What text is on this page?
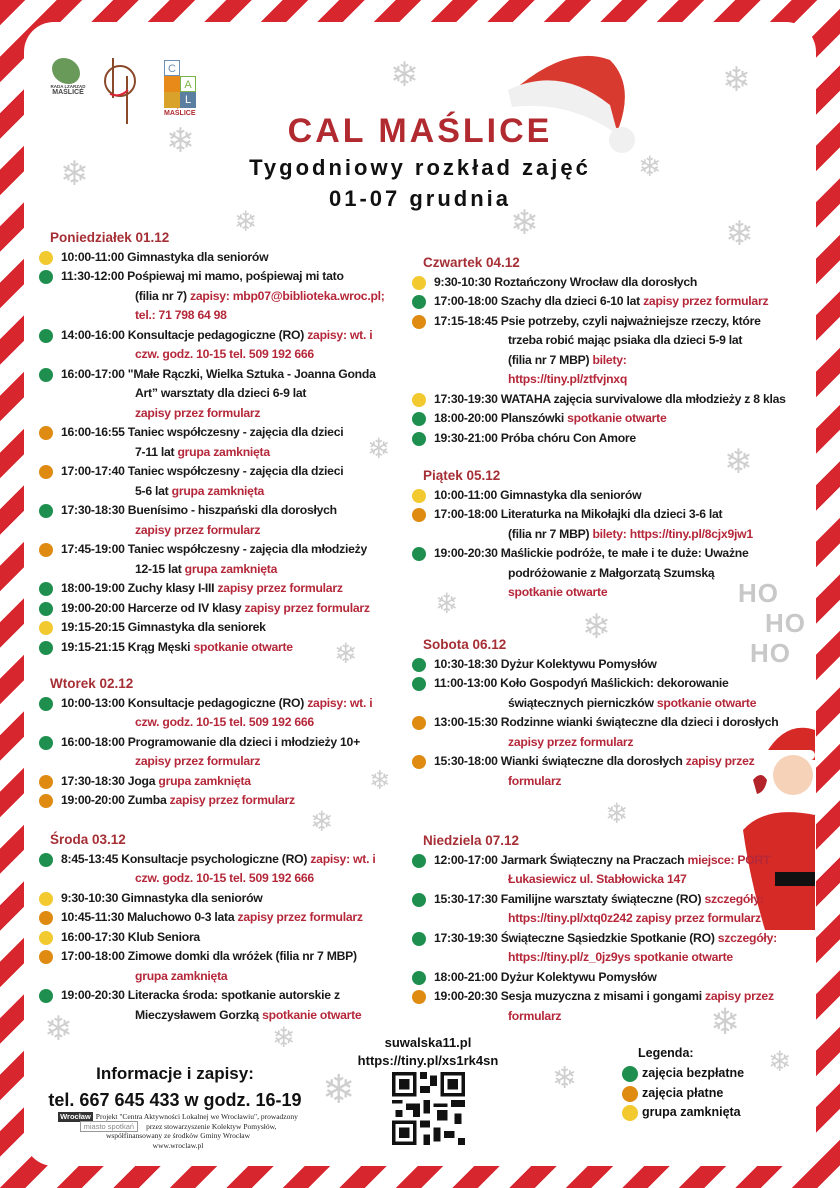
❄
❄
❄
❄
❄
❄	❄
❄
❄	❄
❄
❄
❄
❄
❄
❄
❄	❄
❄	❄
❄
❄
RADA I ZARZĄD
MAŚLICE
C
A
L
MAŚLICE	CAL MAŚLICE
Tygodniowy rozkład zajęć
01-07 grudnia
Poniedziałek 01.12
10:00-11:00 Gimnastyka dla seniorów
11:30-12:00 Pośpiewaj mi mamo, pośpiewaj mi tato
(filia nr 7) zapisy: mbp07@biblioteka.wroc.pl;
tel.: 71 798 64 98
14:00-16:00 Konsultacje pedagogiczne (RO) zapisy: wt. i
czw. godz. 10-15 tel. 509 192 666
16:00-17:00 "Małe Rączki, Wielka Sztuka - Joanna Gonda
Art” warsztaty dla dzieci 6-9 lat
zapisy przez formularz
16:00-16:55 Taniec współczesny - zajęcia dla dzieci
7-11 lat grupa zamknięta
17:00-17:40 Taniec współczesny - zajęcia dla dzieci
5-6 lat grupa zamknięta
17:30-18:30 Buenísimo - hiszpański dla dorosłych
zapisy przez formularz
17:45-19:00 Taniec współczesny - zajęcia dla młodzieży
12-15 lat grupa zamknięta
18:00-19:00 Zuchy klasy I-III zapisy przez formularz
19:00-20:00 Harcerze od IV klasy zapisy przez formularz
19:15-20:15 Gimnastyka dla seniorek
19:15-21:15 Krąg Męski spotkanie otwarte
Wtorek 02.12
10:00-13:00 Konsultacje pedagogiczne (RO) zapisy: wt. i
czw. godz. 10-15 tel. 509 192 666
16:00-18:00 Programowanie dla dzieci i młodzieży 10+
zapisy przez formularz
17:30-18:30 Joga grupa zamknięta
19:00-20:00 Zumba zapisy przez formularz
Środa 03.12
8:45-13:45 Konsultacje psychologiczne (RO) zapisy: wt. i
czw. godz. 10-15 tel. 509 192 666
9:30-10:30 Gimnastyka dla seniorów
10:45-11:30 Maluchowo 0-3 lata zapisy przez formularz
16:00-17:30 Klub Seniora
17:00-18:00 Zimowe domki dla wróżek (filia nr 7 MBP)
grupa zamknięta
19:00-20:30 Literacka środa: spotkanie autorskie z
Mieczysławem Gorzką spotkanie otwarte
Czwartek 04.12
9:30-10:30 Roztańczony Wrocław dla dorosłych
17:00-18:00 Szachy dla dzieci 6-10 lat zapisy przez formularz
17:15-18:45 Psie potrzeby, czyli najważniejsze rzeczy, które
trzeba robić mając psiaka dla dzieci 5-9 lat
(filia nr 7 MBP) bilety:
https://tiny.pl/ztfvjnxq
17:30-19:30 WATAHA zajęcia survivalowe dla młodzieży z 8 klas
18:00-20:00 Planszówki spotkanie otwarte
19:30-21:00 Próba chóru Con Amore
Piątek 05.12
10:00-11:00 Gimnastyka dla seniorów
17:00-18:00 Literaturka na Mikołajki dla dzieci 3-6 lat
(filia nr 7 MBP) bilety: https://tiny.pl/8cjx9jw1
19:00-20:30 Maślickie podróże, te małe i te duże: Uważne
podróżowanie z Małgorzatą Szumską
spotkanie otwarte
Sobota 06.12
10:30-18:30 Dyżur Kolektywu Pomysłów
11:00-13:00 Koło Gospodyń Maślickich: dekorowanie
świątecznych pierniczków spotkanie otwarte
13:00-15:30 Rodzinne wianki świąteczne dla dzieci i dorosłych
zapisy przez formularz
15:30-18:00 Wianki świąteczne dla dorosłych zapisy przez
formularz
Niedziela 07.12
12:00-17:00 Jarmark Świąteczny na Praczach miejsce: PORT
Łukasiewicz ul. Stabłowicka 147
15:30-17:30 Familijne warsztaty świąteczne (RO) szczegóły:
https://tiny.pl/xtq0z242 zapisy przez formularz
17:30-19:30 Świąteczne Sąsiedzkie Spotkanie (RO) szczegóły:
https://tiny.pl/z_0jz9ys spotkanie otwarte
18:00-21:00 Dyżur Kolektywu Pomysłów
19:00-20:30 Sesja muzyczna z misami i gongami zapisy przez
formularz
HO
HO
HO
Informacje i zapisy:
tel. 667 645 433 w godz. 16-19
Wrocław Projekt "Centra Aktywności Lokalnej we Wrocławiu", prowadzony
miasto spotkań przez stowarzyszenie Kolektyw Pomysłów,
współfinansowany ze środków Gminy Wrocław
www.wroclaw.pl
suwalska11.pl
https://tiny.pl/xs1rk4sn	Legenda:
zajęcia bezpłatne
zajęcia płatne
grupa zamknięta
